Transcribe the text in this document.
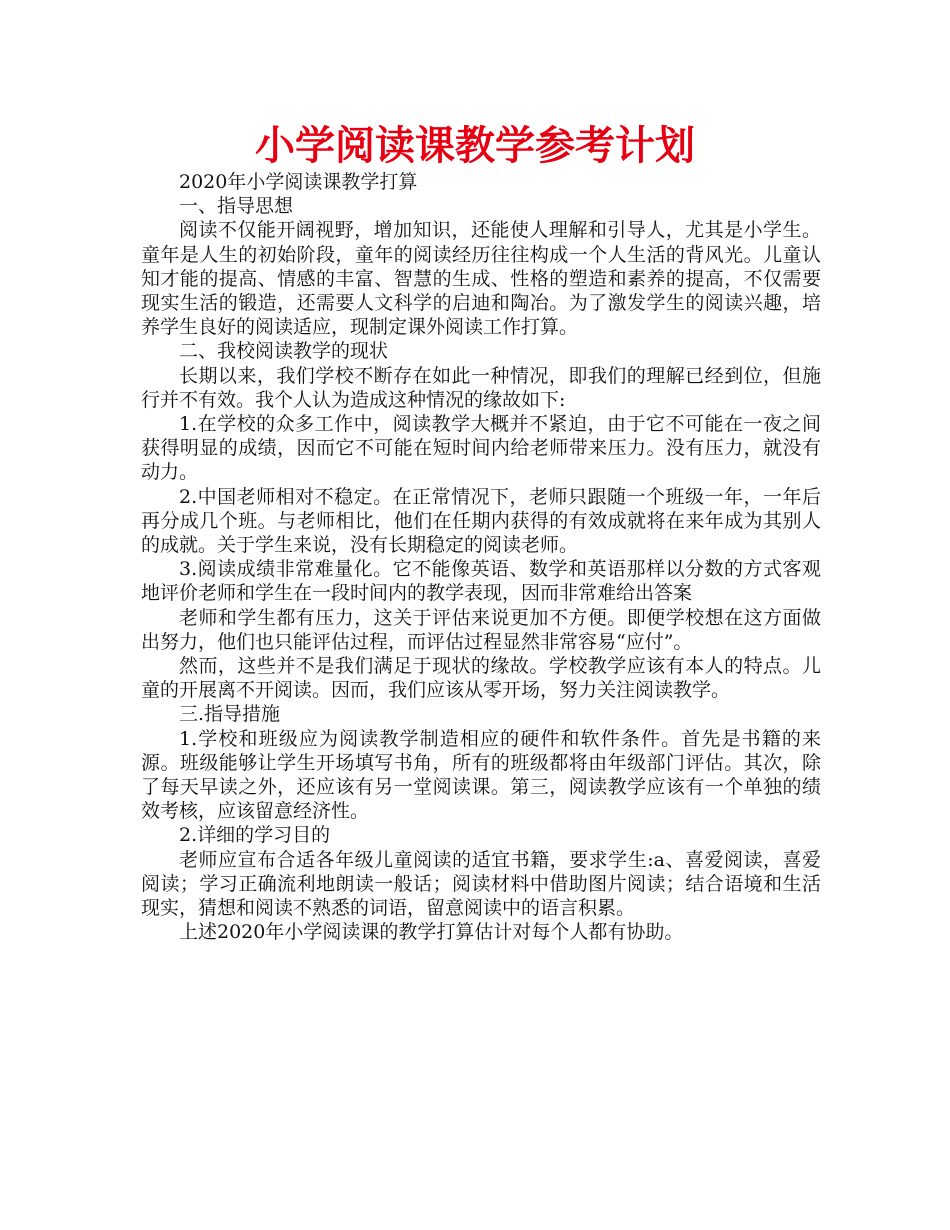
小学阅读课教学参考计划

2020年小学阅读课教学打算

一、指导思想

阅读不仅能开阔视野，增加知识，还能使人理解和引导人，尤其是小学生。童年是人生的初始阶段，童年的阅读经历往往构成一个人生活的背风光。儿童认知才能的提高、情感的丰富、智慧的生成、性格的塑造和素养的提高，不仅需要现实生活的锻造，还需要人文科学的启迪和陶冶。为了激发学生的阅读兴趣，培养学生良好的阅读适应，现制定课外阅读工作打算。

二、我校阅读教学的现状

长期以来，我们学校不断存在如此一种情况，即我们的理解已经到位，但施行并不有效。我个人认为造成这种情况的缘故如下:

1.在学校的众多工作中，阅读教学大概并不紧迫，由于它不可能在一夜之间获得明显的成绩，因而它不可能在短时间内给老师带来压力。没有压力，就没有动力。

2.中国老师相对不稳定。在正常情况下，老师只跟随一个班级一年，一年后再分成几个班。与老师相比，他们在任期内获得的有效成就将在来年成为其别人的成就。关于学生来说，没有长期稳定的阅读老师。

3.阅读成绩非常难量化。它不能像英语、数学和英语那样以分数的方式客观地评价老师和学生在一段时间内的教学表现，因而非常难给出答案

老师和学生都有压力，这关于评估来说更加不方便。即便学校想在这方面做出努力，他们也只能评估过程，而评估过程显然非常容易“应付”。

然而，这些并不是我们满足于现状的缘故。学校教学应该有本人的特点。儿童的开展离不开阅读。因而，我们应该从零开场，努力关注阅读教学。

三.指导措施

1.学校和班级应为阅读教学制造相应的硬件和软件条件。首先是书籍的来源。班级能够让学生开场填写书角，所有的班级都将由年级部门评估。其次，除了每天早读之外，还应该有另一堂阅读课。第三，阅读教学应该有一个单独的绩效考核，应该留意经济性。

2.详细的学习目的

老师应宣布合适各年级儿童阅读的适宜书籍，要求学生:a、喜爱阅读，喜爱阅读；学习正确流利地朗读一般话；阅读材料中借助图片阅读；结合语境和生活现实，猜想和阅读不熟悉的词语，留意阅读中的语言积累。

上述2020年小学阅读课的教学打算估计对每个人都有协助。
